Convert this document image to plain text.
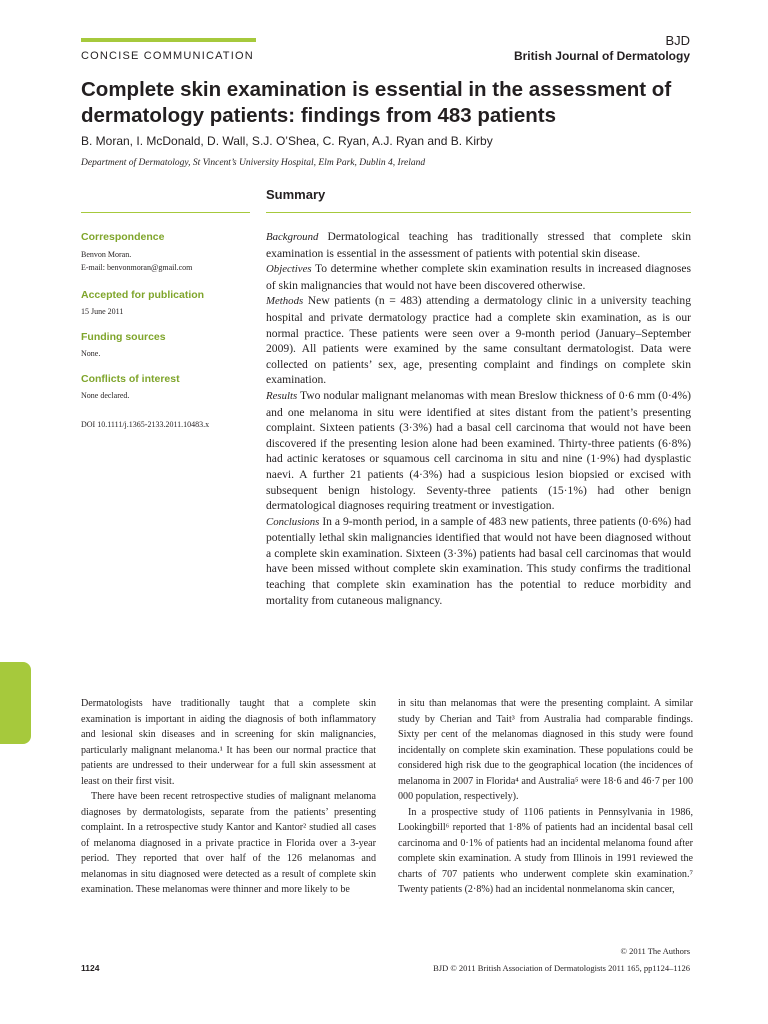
CONCISE COMMUNICATION
BJD
British Journal of Dermatology
Complete skin examination is essential in the assessment of dermatology patients: findings from 483 patients
B. Moran, I. McDonald, D. Wall, S.J. O’Shea, C. Ryan, A.J. Ryan and B. Kirby
Department of Dermatology, St Vincent’s University Hospital, Elm Park, Dublin 4, Ireland
Correspondence
Benvon Moran.
E-mail: benvonmoran@gmail.com
Accepted for publication
15 June 2011
Funding sources
None.
Conflicts of interest
None declared.
DOI 10.1111/j.1365-2133.2011.10483.x
Summary

Background Dermatological teaching has traditionally stressed that complete skin examination is essential in the assessment of patients with potential skin disease.

Objectives To determine whether complete skin examination results in increased diagnoses of skin malignancies that would not have been discovered otherwise.

Methods New patients (n = 483) attending a dermatology clinic in a university teaching hospital and private dermatology practice had a complete skin examination, as is our normal practice. These patients were seen over a 9-month period (January–September 2009). All patients were examined by the same consultant dermatologist. Data were collected on patients’ sex, age, presenting complaint and findings on complete skin examination.

Results Two nodular malignant melanomas with mean Breslow thickness of 0·6 mm (0·4%) and one melanoma in situ were identified at sites distant from the patient’s presenting complaint. Sixteen patients (3·3%) had a basal cell carcinoma that would not have been discovered if the presenting lesion alone had been examined. Thirty-three patients (6·8%) had actinic keratoses or squamous cell carcinoma in situ and nine (1·9%) had dysplastic naevi. A further 21 patients (4·3%) had a suspicious lesion biopsied or excised with subsequent benign histology. Seventy-three patients (15·1%) had other benign dermatological diagnoses requiring treatment or investigation.

Conclusions In a 9-month period, in a sample of 483 new patients, three patients (0·6%) had potentially lethal skin malignancies identified that would not have been diagnosed without a complete skin examination. Sixteen (3·3%) patients had basal cell carcinomas that would have been missed without complete skin examination. This study confirms the traditional teaching that complete skin examination has the potential to reduce morbidity and mortality from cutaneous malignancy.

Dermatologists have traditionally taught that a complete skin examination is important in aiding the diagnosis of both inflammatory and lesional skin diseases and in screening for skin malignancies, particularly malignant melanoma.¹ It has been our normal practice that patients are undressed to their underwear for a full skin assessment at least on their first visit.

There have been recent retrospective studies of malignant melanoma diagnoses by dermatologists, separate from the patients’ presenting complaint. In a retrospective study Kantor and Kantor² studied all cases of melanoma diagnosed in a private practice in Florida over a 3-year period. They reported that over half of the 126 melanomas and melanomas in situ diagnosed were detected as a result of complete skin examination. These melanomas were thinner and more likely to be

in situ than melanomas that were the presenting complaint. A similar study by Cherian and Tait³ from Australia had comparable findings. Sixty per cent of the melanomas diagnosed in this study were found incidentally on complete skin examination. These populations could be considered high risk due to the geographical location (the incidences of melanoma in 2007 in Florida⁴ and Australia⁵ were 18·6 and 46·7 per 100 000 population, respectively).

In a prospective study of 1106 patients in Pennsylvania in 1986, Lookingbill⁶ reported that 1·8% of patients had an incidental basal cell carcinoma and 0·1% of patients had an incidental melanoma found after complete skin examination. A study from Illinois in 1991 reviewed the charts of 707 patients who underwent complete skin examination.⁷ Twenty patients (2·8%) had an incidental nonmelanoma skin cancer,

© 2011 The Authors
BJD © 2011 British Association of Dermatologists 2011 165, pp1124–1126
1124
